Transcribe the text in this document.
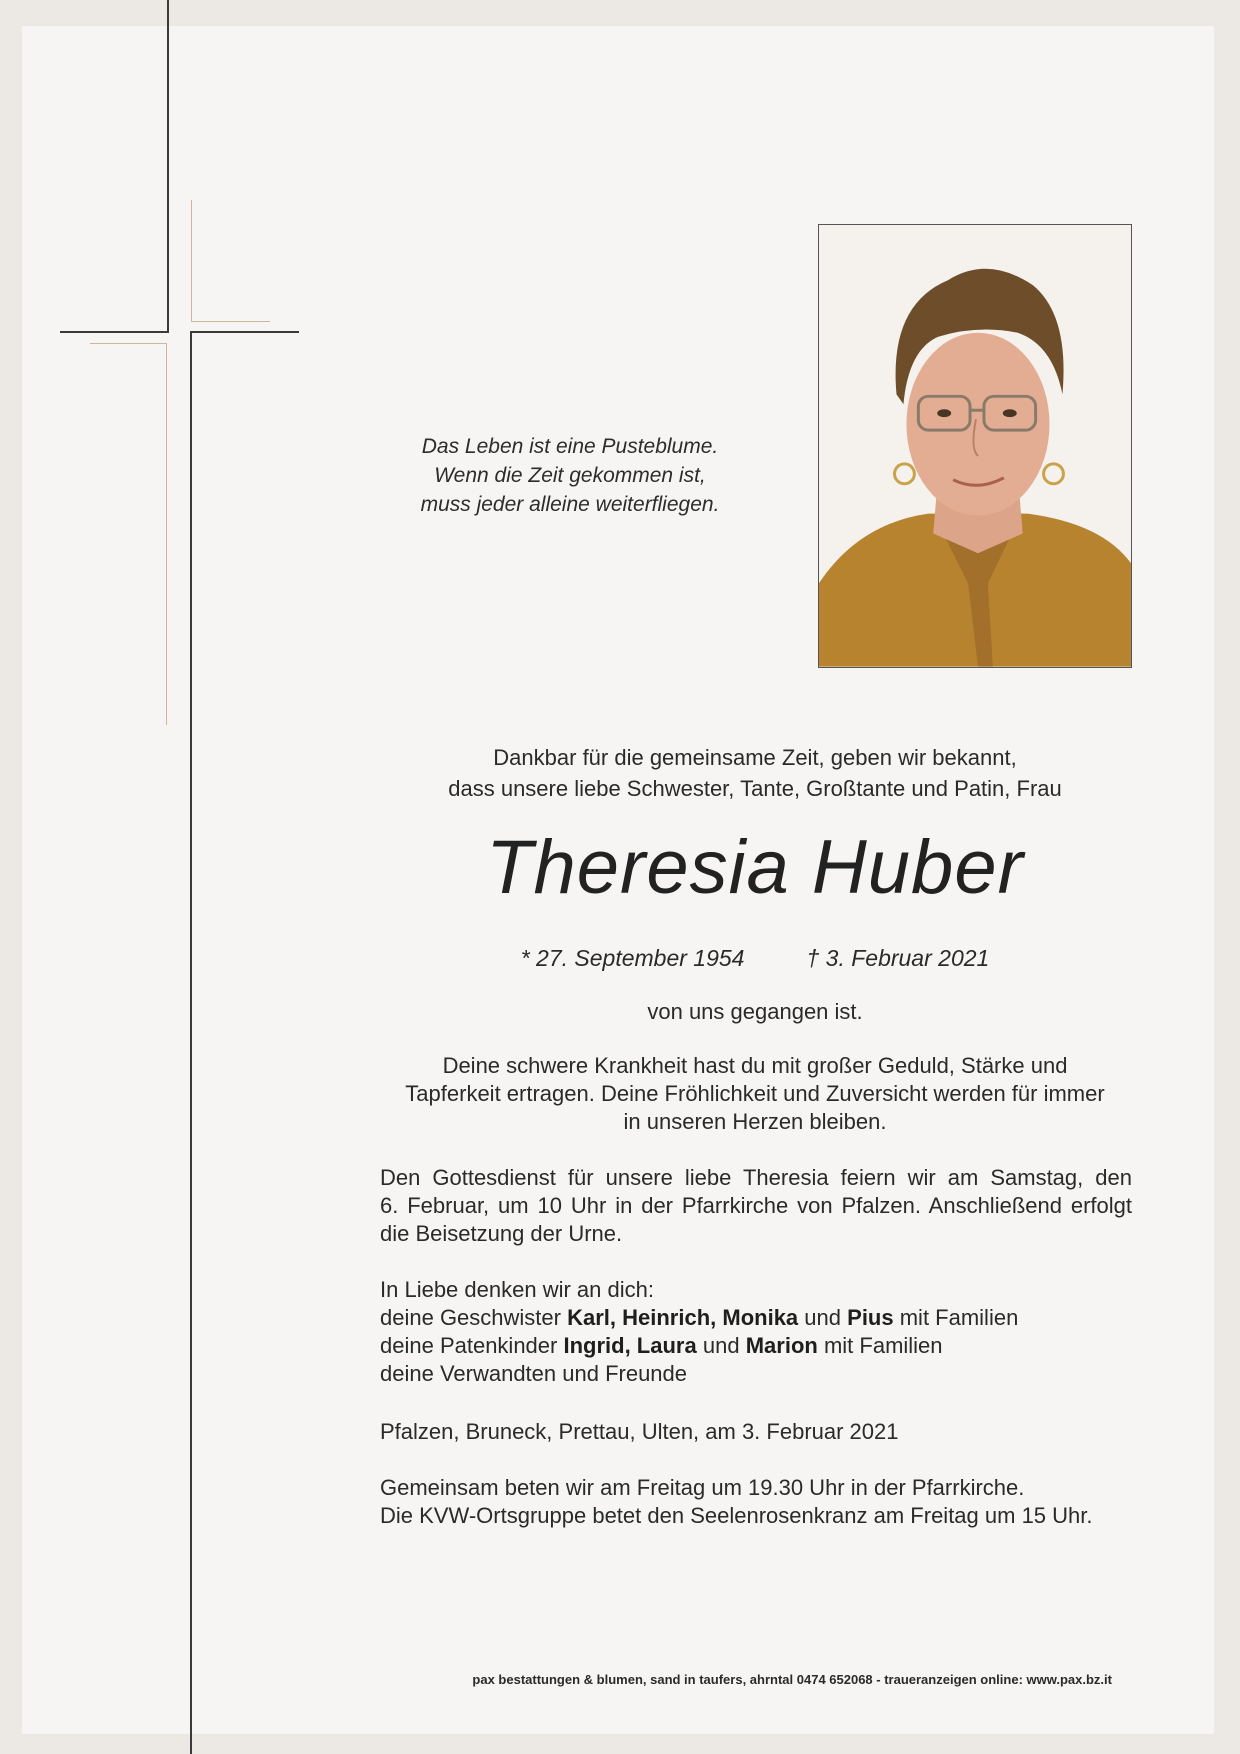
Das Leben ist eine Pusteblume.
Wenn die Zeit gekommen ist,
muss jeder alleine weiterfliegen.
Dankbar für die gemeinsame Zeit, geben wir bekannt,
dass unsere liebe Schwester, Tante, Großtante und Patin, Frau
Theresia Huber
* 27. September 1954	† 3. Februar 2021
von uns gegangen ist.
Deine schwere Krankheit hast du mit großer Geduld, Stärke und
Tapferkeit ertragen. Deine Fröhlichkeit und Zuversicht werden für immer
in unseren Herzen bleiben.
Den Gottesdienst für unsere liebe Theresia feiern wir am Samstag, den
6. Februar, um 10 Uhr in der Pfarrkirche von Pfalzen. Anschließend erfolgt
die Beisetzung der Urne.
In Liebe denken wir an dich:
deine Geschwister Karl, Heinrich, Monika und Pius mit Familien
deine Patenkinder Ingrid, Laura und Marion mit Familien
deine Verwandten und Freunde
Pfalzen, Bruneck, Prettau, Ulten, am 3. Februar 2021
Gemeinsam beten wir am Freitag um 19.30 Uhr in der Pfarrkirche.
Die KVW-Ortsgruppe betet den Seelenrosenkranz am Freitag um 15 Uhr.
pax bestattungen & blumen, sand in taufers, ahrntal 0474 652068 - traueranzeigen online: www.pax.bz.it
